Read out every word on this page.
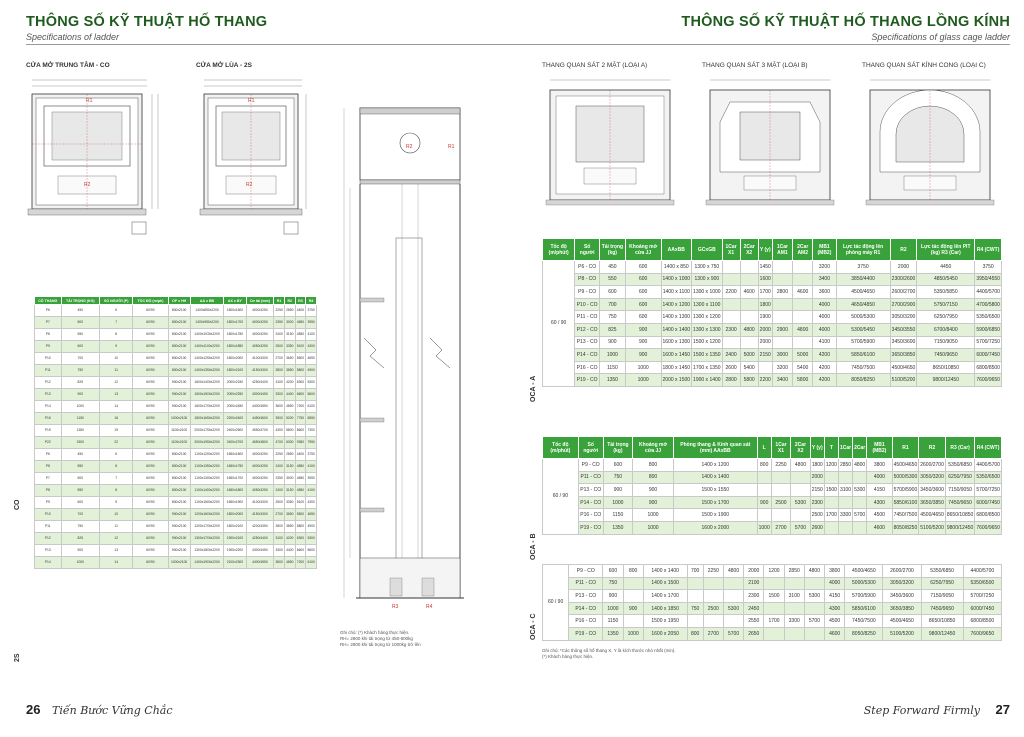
THÔNG SỐ KỸ THUẬT HỐ THANG
Specifications of ladder
CỬA MỞ TRUNG TÂM - CO	CỬA MỞ LÙA - 2S
R1
R2
R1
R2
R2	R1
R3	R4
CÔ THANG	TẢI TRỌNG (KG)	SỐ NGƯỜI (P)	TỐC ĐỘ (m/ph)	OP x HH	AA x BB	AX x BY	Cơ tải (mm)	R1	R2	R3	R4
P6	450	6	60/90	800x2100	1400x850x2200	1800x1600	4000/4250	2250	2850	4400	3750
P7	500	7	60/90	800x2100	1400x950x2200	1800x1700	4000/4250	2350	3000	4650	3950
P8	550	8	60/90	800x2100	1400x1030x2200	1800x1780	4000/4250	2400	3150	4850	4100
P9	600	9	60/90	800x2100	1400x1100x2200	1800x1850	4050/4250	2500	3350	5100	4300
P10	700	10	60/90	800x2100	1400x1250x2200	1800x2000	4100/4300	2700	3650	5500	4650
P11	750	11	60/90	800x2100	1400x1350x2200	1800x2100	4150/4300	2800	3850	5800	4900
P12	825	12	60/90	900x2100	1600x1400x2200	2000x2150	4250/4400	3100	4200	6300	5300
P13	900	13	60/90	900x2100	1600x1500x2200	2000x2250	4300/4450	3300	4400	6600	5600
P14	1000	14	60/90	900x2100	1600x1700x2200	2000x2450	4400/4550	3600	4850	7200	6100
P16	1150	16	60/90	1000x2100	1800x1650x2200	2200x2400	4450/4600	3900	5200	7750	6550
P19	1350	19	60/90	1100x2100	2000x1750x2200	2400x2500	4550/4700	4300	5800	8600	7300
P22	1500	22	60/90	1100x2100	2000x1950x2200	2400x2700	4650/4800	4700	6300	9350	7950
P6	450	6	60/90	800x2100	1100x1200x2200	1650x1600	4000/4250	2250	2850	4400	3750
P8	550	8	60/90	800x2100	1100x1350x2200	1650x1750	4000/4250	2400	3150	4850	4100
P7	500	7	60/90	800x2100	1100x1300x2200	1650x1700	4000/4250	2350	3000	4650	3950
P8	550	8	60/90	800x2100	1100x1400x2200	1650x1800	4050/4250	2400	3150	4850	4100
P9	600	9	60/90	800x2100	1100x1500x2200	1650x1900	4100/4300	2500	3350	5100	4300
P10	700	10	60/90	900x2100	1200x1600x2200	1800x2000	4150/4300	2700	3650	5500	4650
P11	750	11	60/90	900x2100	1200x1700x2200	1800x2100	4200/4350	2800	3850	5800	4900
P12	825	12	60/90	900x2100	1300x1700x2200	1900x2100	4250/4400	3100	4200	6300	5300
P13	900	13	60/90	900x2100	1300x1800x2200	1900x2200	4300/4450	3300	4400	6600	5600
P14	1000	14	60/90	1000x2100	1400x1900x2200	2100x2300	4400/4550	3600	4850	7200	6100
CO
2S
Ghi chú: (*) Khách hàng thực hiện.
RH= 2800 khi tải trọng từ 450-800kg
RH= 2900 khi tải trọng từ 1000kg trở lên
26 Tiến Bước Vững Chắc
THÔNG SỐ KỸ THUẬT HỐ THANG LỒNG KÍNH
Specifications of glass cage ladder
THANG QUAN SÁT 2 MẶT (LOẠI A)	THANG QUAN SÁT 3 MẶT (LOẠI B)	THANG QUAN SÁT KÍNH CONG (LOẠI C)
Tốc độ (m/phút)	Số người	Tải trọng (kg)	Khoảng mở cửa JJ	AAxBB	GCxGB	1Car X1	2Car X2	Y (y)	1Car AM1	2Car AM2	MB1 (MB2)	Lực tác động lên phòng máy R1	R2	Lực tác động lên PIT (kg) R3 (Car)	R4 (CWT)
60 / 90	P6 - CO	450	600	1400 x 850	1300 x 750			1450			3200	3750	2000	4450	3750
	P8 - CO	550	600	1400 x 1000	1300 x 900			1600			3400	3850/4400	2300/2600	4850/5450	3950/4550
	P9 - CO	600	600	1400 x 1100	1300 x 1000	2200	4600	1700	2800	4600	3600	4500/4650	2600/2700	5350/5850	4400/5700
	P10 - CO	700	600	1400 x 1200	1300 x 1100			1800			4000	4650/4850	2700/2900	5750/7150	4700/5800
	P11 - CO	750	600	1400 x 1300	1300 x 1200			1900			4000	5000/5300	3050/3200	6250/7950	5350/6500
	P12 - CO	825	900	1400 x 1400	1300 x 1300	2300	4800	2000	2900	4800	4000	5300/5450	3450/3550	6700/8400	5900/6850
	P13 - CO	900	900	1600 x 1300	1500 x 1200			2000			4100	5700/5900	3450/3600	7150/9050	5700/7250
	P14 - CO	1000	900	1600 x 1450	1500 x 1350	2400	5000	2150	3000	5000	4200	5850/6100	3650/3850	7450/9650	6000/7450
	P16 - CO	1150	1000	1800 x 1450	1700 x 1350	2600	5400		3200	5400	4200	7450/7500	4500/4650	8650/10850	6800/8500
	P19 - CO	1350	1000	2000 x 1500	1900 x 1400	2800	5800	2200	3400	5800	4200	8050/8250	5100/5200	9800/12450	7600/9650
OCA - A
Tốc độ (m/phút)	Số người	Tải trọng (kg)	Khoảng mở cửa JJ	Phòng thang & Kính quan sát (mm) AAxBB	L	1Car X1	2Car X2	Y (y)	T	1Car	2Car	MB1 (MB2)	R1	R2	R3 (Car)	R4 (CWT)
60 / 90	P9 - CO	600	800	1400 x 1200	800	2250	4800	1800	1200	2850	4800	3800	4500/4650	2600/2700	5350/6850	4400/5700
	P11 - CO	750	800	1400 x 1400				2000				4000	5000/5300	3050/3200	6250/7950	5350/6500
	P13 - CO	900	900	1500 x 1550				2150	1500	3100	5300	4150	5700/5900	3450/3600	7150/9050	5700/7250
	P14 - CO	1000	900	1500 x 1700	900	2500	5300	2300				4300	5850/6100	3650/3850	7450/9650	6000/7450
	P16 - CO	1150	1000	1500 x 1900				2500	1700	3300	5700	4500	7450/7500	4500/4650	8650/10850	6800/8500
	P19 - CO	1350	1000	1600 x 2000	1000	2700	5700	2600				4600	8050/8250	5100/5200	9800/12450	7600/9650
OCA - B
60 / 90	P9 - CO	600	800	1400 x 1400	700	2250	4800	2000	1200	2850	4800	3800	4500/4650	2600/2700	5350/6850	4400/5700
	P11 - CO	750		1400 x 1500				2100				4000	5000/5300	3050/3200	6250/7950	5350/6500
	P13 - CO	900		1400 x 1700				2300	1500	3100	5300	4150	5700/5900	3450/3600	7150/9050	5700/7250
	P14 - CO	1000	900	1400 x 1850	750	2500	5300	2450				4300	5850/6100	3650/3850	7450/9650	6000/7450
	P16 - CO	1150		1500 x 1950				2550	1700	3300	5700	4500	7450/7500	4500/4650	8650/10850	6800/8500
	P19 - CO	1350	1000	1600 x 2050	800	2700	5700	2650				4600	8050/8250	5100/5200	9800/12450	7600/9650
OCA - C
Ghi chú: *Các thông số hố thang X, Y là kích thước nhỏ nhất (min).
(*) Khách hàng thực hiện.
Step Forward Firmly 27
